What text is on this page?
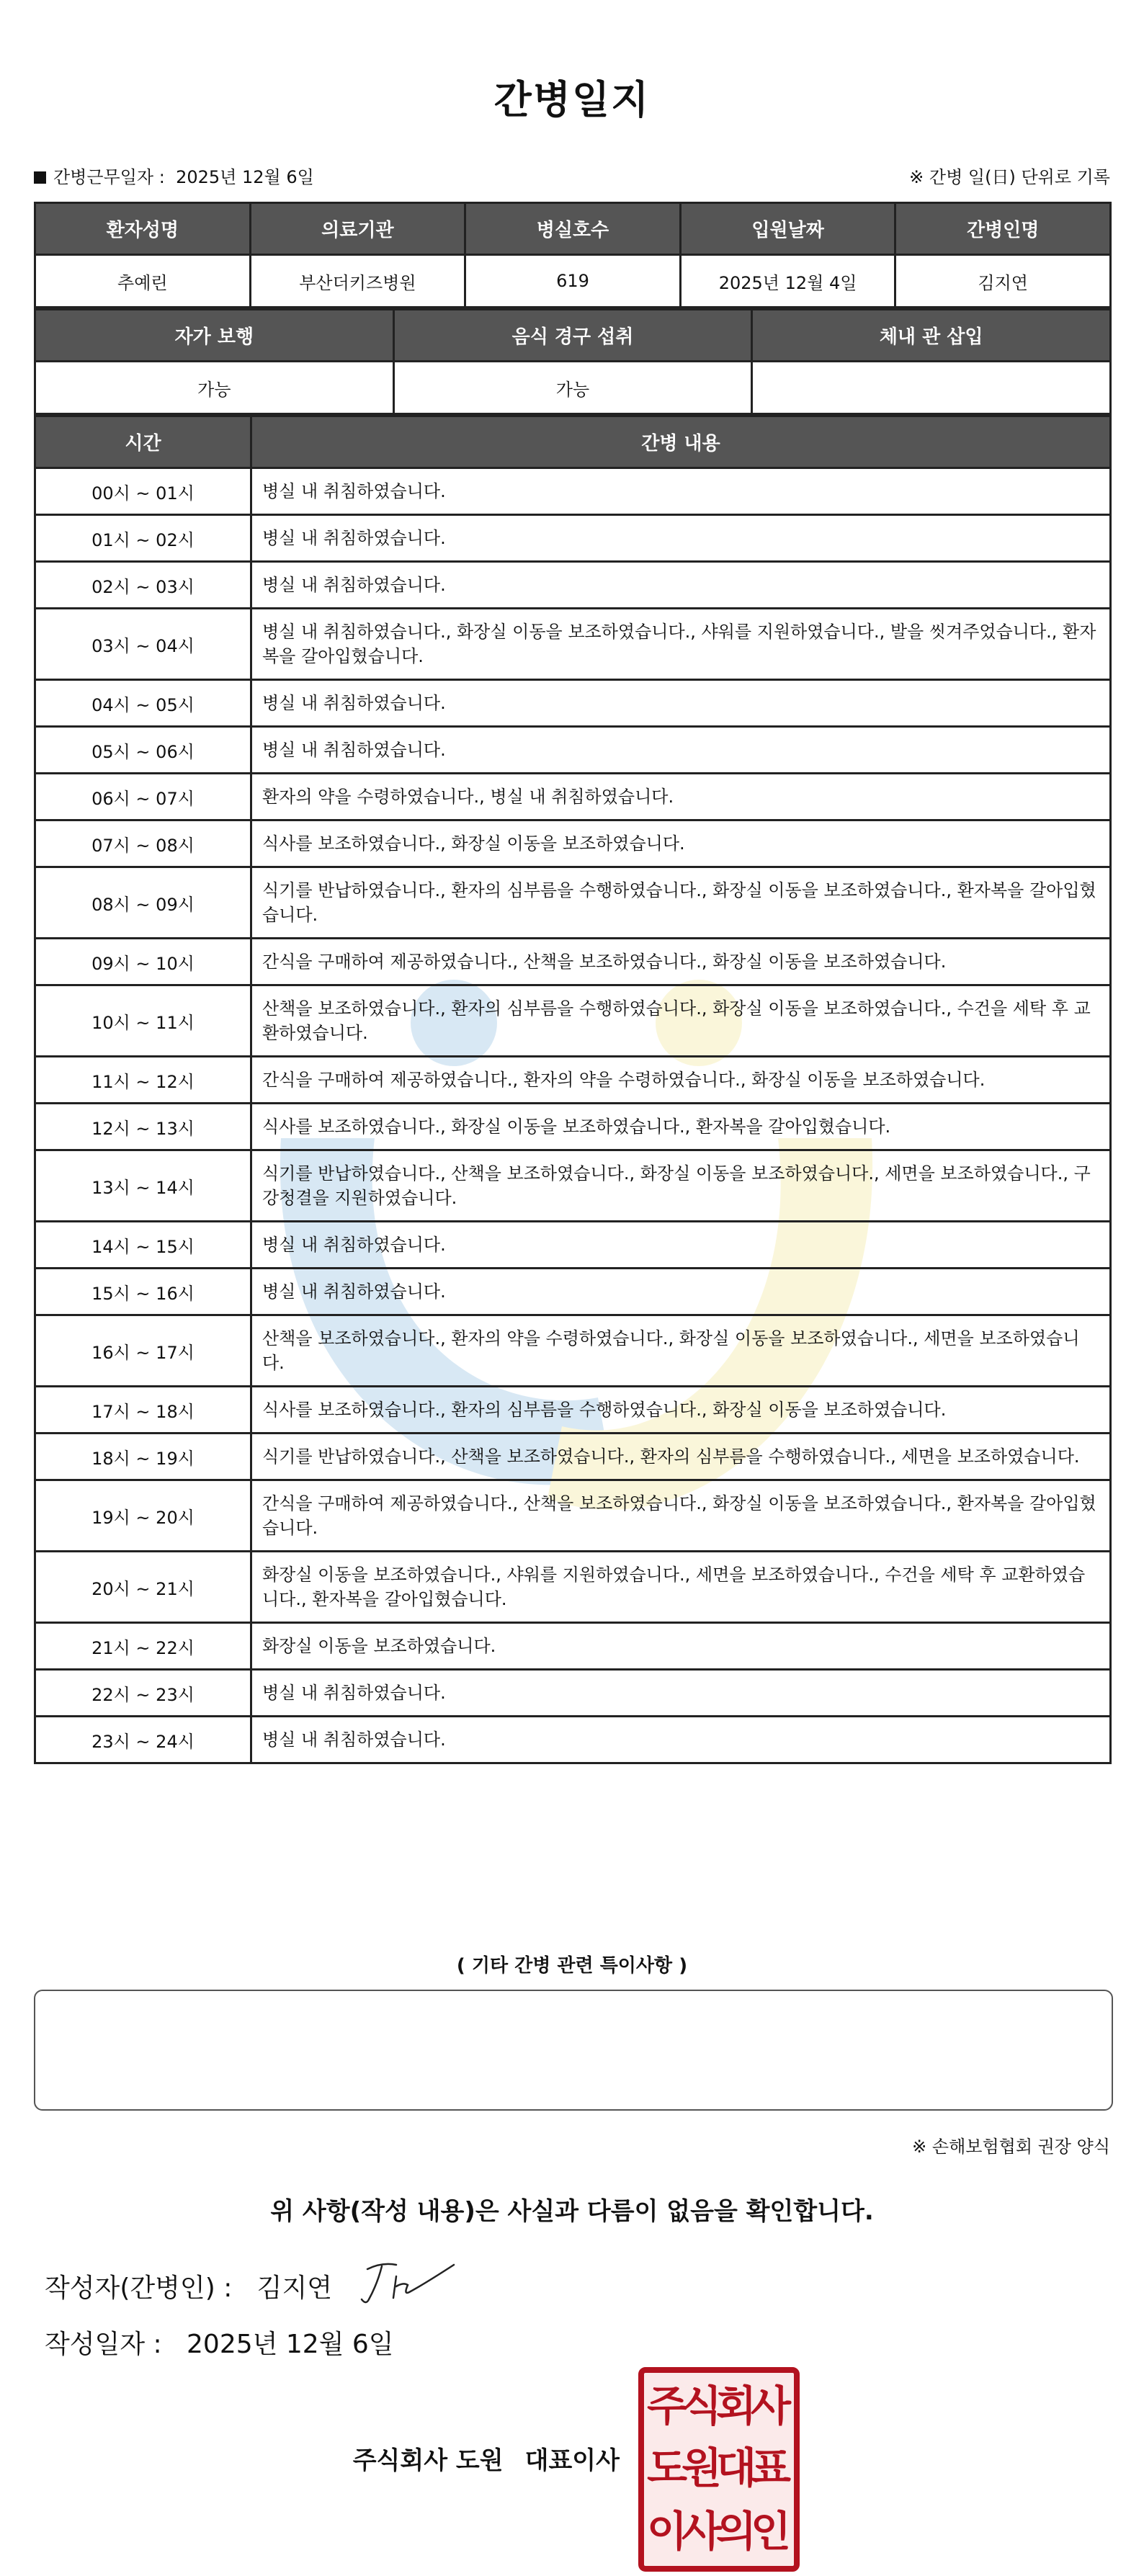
간병일지
간병근무일자 : 2025년 12월 6일	※ 간병 일(日) 단위로 기록
환자성명	의료기관	병실호수	입원날짜	간병인명
추예린	부산더키즈병원	619	2025년 12월 4일	김지연
자가 보행	음식 경구 섭취	체내 관 삽입
가능	가능	
시간	간병 내용
00시 ~ 01시	병실 내 취침하였습니다.
01시 ~ 02시	병실 내 취침하였습니다.
02시 ~ 03시	병실 내 취침하였습니다.
03시 ~ 04시	병실 내 취침하였습니다., 화장실 이동을 보조하였습니다., 샤워를 지원하였습니다., 발을 씻겨주었습니다., 환자복을 갈아입혔습니다.
04시 ~ 05시	병실 내 취침하였습니다.
05시 ~ 06시	병실 내 취침하였습니다.
06시 ~ 07시	환자의 약을 수령하였습니다., 병실 내 취침하였습니다.
07시 ~ 08시	식사를 보조하였습니다., 화장실 이동을 보조하였습니다.
08시 ~ 09시	식기를 반납하였습니다., 환자의 심부름을 수행하였습니다., 화장실 이동을 보조하였습니다., 환자복을 갈아입혔습니다.
09시 ~ 10시	간식을 구매하여 제공하였습니다., 산책을 보조하였습니다., 화장실 이동을 보조하였습니다.
10시 ~ 11시	산책을 보조하였습니다., 환자의 심부름을 수행하였습니다., 화장실 이동을 보조하였습니다., 수건을 세탁 후 교환하였습니다.
11시 ~ 12시	간식을 구매하여 제공하였습니다., 환자의 약을 수령하였습니다., 화장실 이동을 보조하였습니다.
12시 ~ 13시	식사를 보조하였습니다., 화장실 이동을 보조하였습니다., 환자복을 갈아입혔습니다.
13시 ~ 14시	식기를 반납하였습니다., 산책을 보조하였습니다., 화장실 이동을 보조하였습니다., 세면을 보조하였습니다., 구강청결을 지원하였습니다.
14시 ~ 15시	병실 내 취침하였습니다.
15시 ~ 16시	병실 내 취침하였습니다.
16시 ~ 17시	산책을 보조하였습니다., 환자의 약을 수령하였습니다., 화장실 이동을 보조하였습니다., 세면을 보조하였습니다.
17시 ~ 18시	식사를 보조하였습니다., 환자의 심부름을 수행하였습니다., 화장실 이동을 보조하였습니다.
18시 ~ 19시	식기를 반납하였습니다., 산책을 보조하였습니다., 환자의 심부름을 수행하였습니다., 세면을 보조하였습니다.
19시 ~ 20시	간식을 구매하여 제공하였습니다., 산책을 보조하였습니다., 화장실 이동을 보조하였습니다., 환자복을 갈아입혔습니다.
20시 ~ 21시	화장실 이동을 보조하였습니다., 샤워를 지원하였습니다., 세면을 보조하였습니다., 수건을 세탁 후 교환하였습니다., 환자복을 갈아입혔습니다.
21시 ~ 22시	화장실 이동을 보조하였습니다.
22시 ~ 23시	병실 내 취침하였습니다.
23시 ~ 24시	병실 내 취침하였습니다.
( 기타 간병 관련 특이사항 )
※ 손해보험협회 권장 양식
위 사항(작성 내용)은 사실과 다름이 없음을 확인합니다.
작성자(간병인) : 김지연
작성일자 : 2025년 12월 6일
주식회사 도원 대표이사
주
식
회
사
도
원
대
표
이
사
의
인
